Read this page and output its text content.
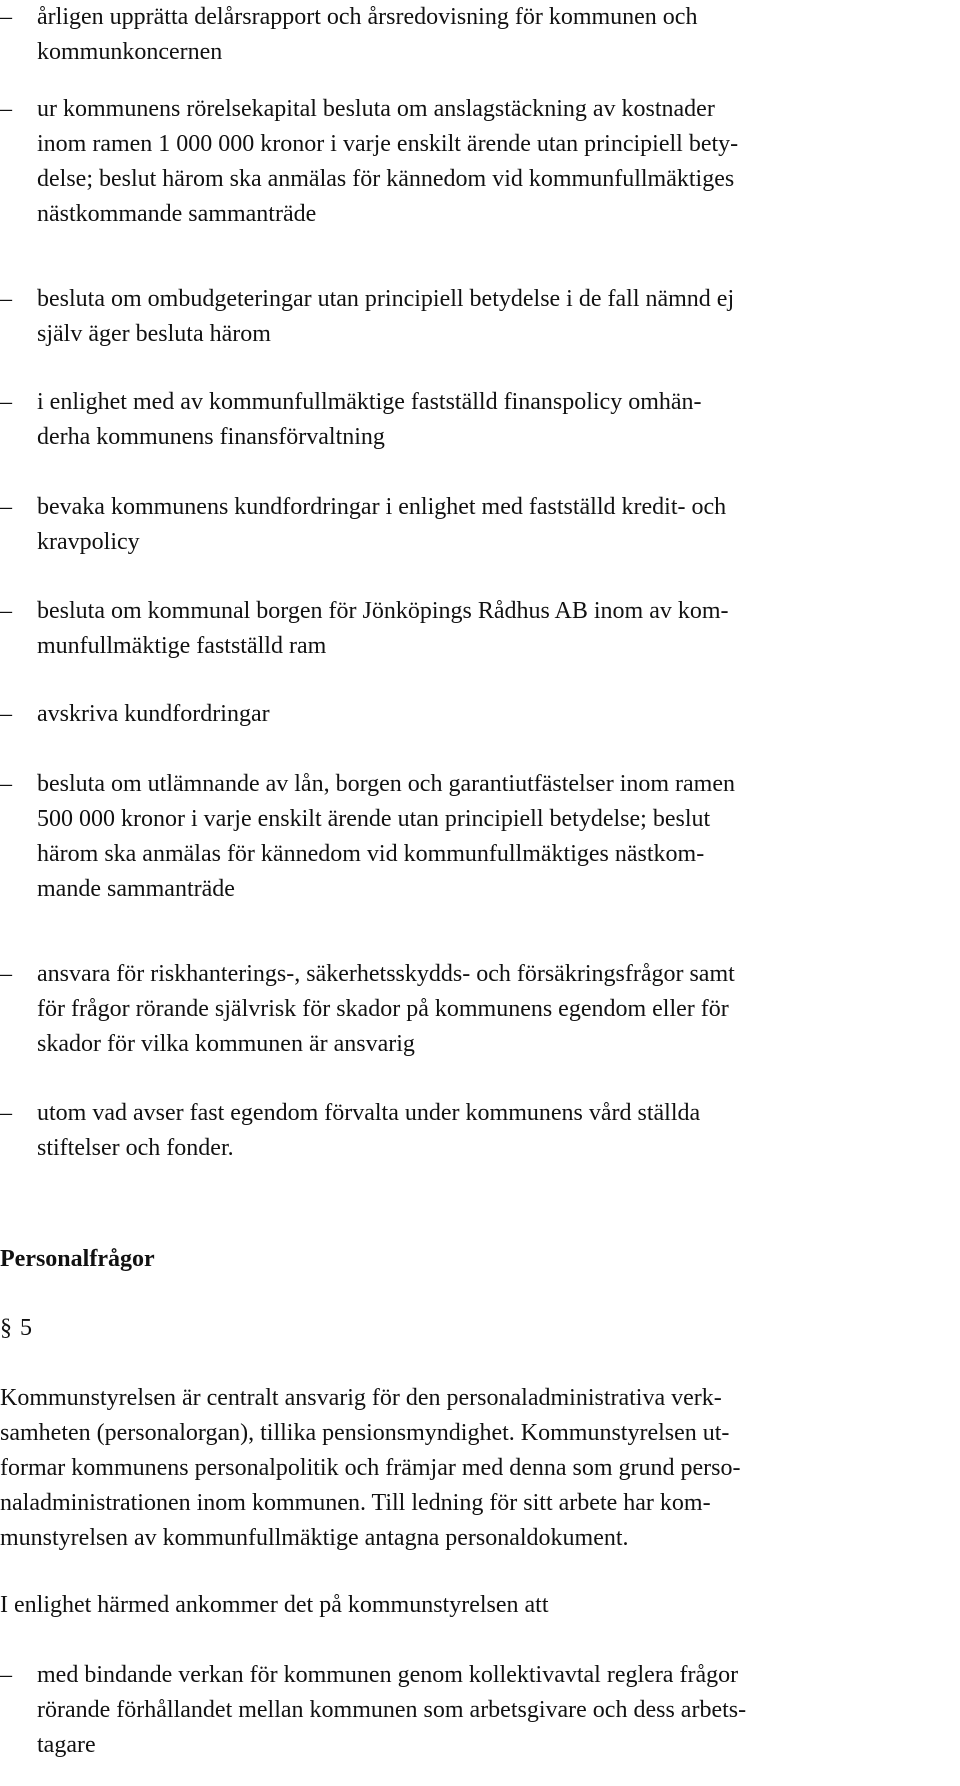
– årligen upprätta delårsrapport och årsredovisning för kommunen och
kommunkoncernen
– ur kommunens rörelsekapital besluta om anslagstäckning av kostnader
inom ramen 1 000 000 kronor i varje enskilt ärende utan principiell bety-
delse; beslut härom ska anmälas för kännedom vid kommunfullmäktiges
nästkommande sammanträde
– besluta om ombudgeteringar utan principiell betydelse i de fall nämnd ej
själv äger besluta härom
– i enlighet med av kommunfullmäktige fastställd finanspolicy omhän-
derha kommunens finansförvaltning
– bevaka kommunens kundfordringar i enlighet med fastställd kredit- och
kravpolicy
– besluta om kommunal borgen för Jönköpings Rådhus AB inom av kom-
munfullmäktige fastställd ram
– avskriva kundfordringar
– besluta om utlämnande av lån, borgen och garantiutfästelser inom ramen
500 000 kronor i varje enskilt ärende utan principiell betydelse; beslut
härom ska anmälas för kännedom vid kommunfullmäktiges nästkom-
mande sammanträde
– ansvara för riskhanterings-, säkerhetsskydds- och försäkringsfrågor samt
för frågor rörande självrisk för skador på kommunens egendom eller för
skador för vilka kommunen är ansvarig
– utom vad avser fast egendom förvalta under kommunens vård ställda
stiftelser och fonder.
Personalfrågor
§ 5
Kommunstyrelsen är centralt ansvarig för den personaladministrativa verk-
samheten (personalorgan), tillika pensionsmyndighet. Kommunstyrelsen ut-
formar kommunens personalpolitik och främjar med denna som grund perso-
naladministrationen inom kommunen. Till ledning för sitt arbete har kom-
munstyrelsen av kommunfullmäktige antagna personaldokument.
I enlighet härmed ankommer det på kommunstyrelsen att
– med bindande verkan för kommunen genom kollektivavtal reglera frågor
rörande förhållandet mellan kommunen som arbetsgivare och dess arbets-
tagare
